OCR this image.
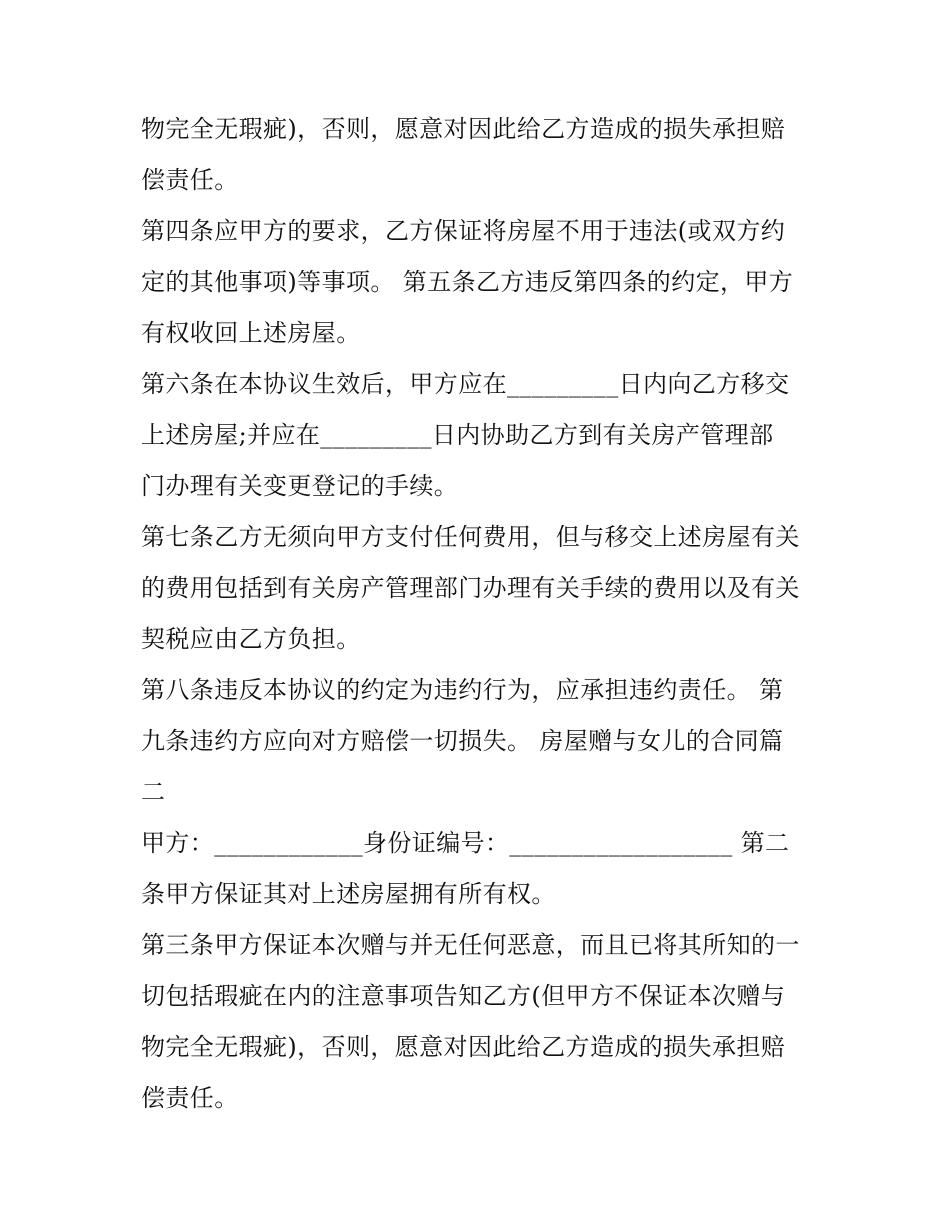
物完全无瑕疵)，否则，愿意对因此给乙方造成的损失承担赔
偿责任。
第四条应甲方的要求，乙方保证将房屋不用于违法(或双方约
定的其他事项)等事项。 第五条乙方违反第四条的约定，甲方
有权收回上述房屋。
第六条在本协议生效后，甲方应在_________日内向乙方移交
上述房屋;并应在_________日内协助乙方到有关房产管理部
门办理有关变更登记的手续。
第七条乙方无须向甲方支付任何费用，但与移交上述房屋有关
的费用包括到有关房产管理部门办理有关手续的费用以及有关
契税应由乙方负担。
第八条违反本协议的约定为违约行为，应承担违约责任。 第
九条违约方应向对方赔偿一切损失。 房屋赠与女儿的合同篇
二
甲方：____________身份证编号：__________________ 第二
条甲方保证其对上述房屋拥有所有权。
第三条甲方保证本次赠与并无任何恶意，而且已将其所知的一
切包括瑕疵在内的注意事项告知乙方(但甲方不保证本次赠与
物完全无瑕疵)，否则，愿意对因此给乙方造成的损失承担赔
偿责任。
